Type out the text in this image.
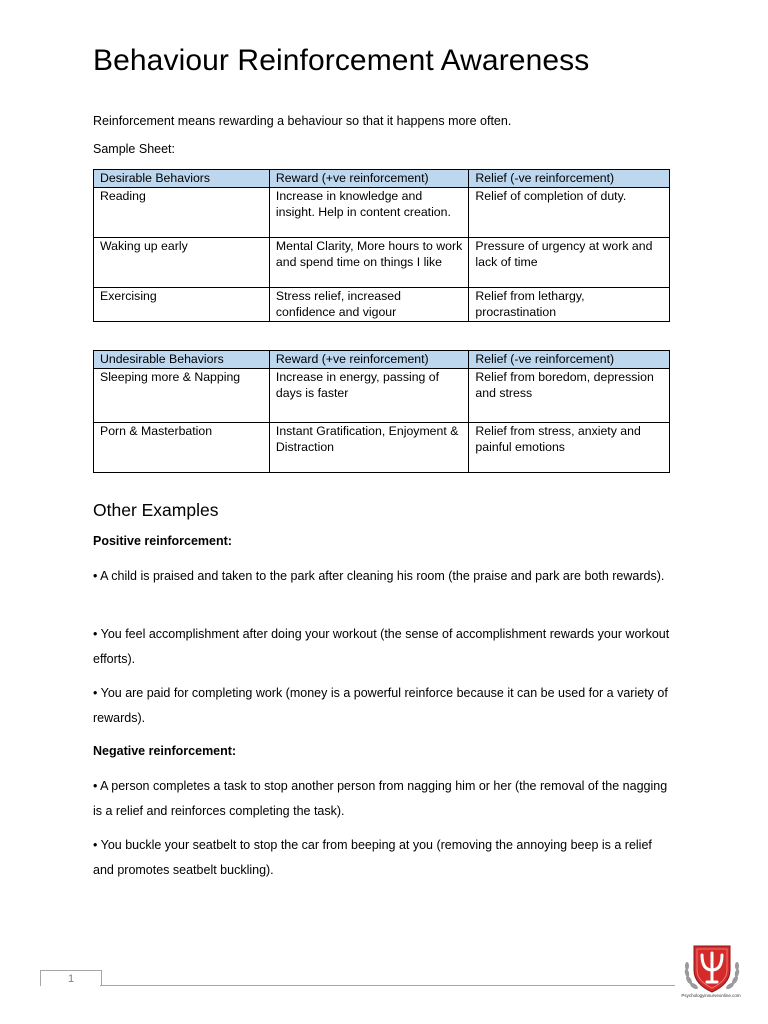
Behaviour Reinforcement Awareness

Reinforcement means rewarding a behaviour so that it happens more often.

Sample Sheet:

Desirable Behaviors	Reward (+ve reinforcement)	Relief (-ve reinforcement)
Reading	Increase in knowledge and insight. Help in content creation.	Relief of completion of duty.
Waking up early	Mental Clarity, More hours to work and spend time on things I like	Pressure of urgency at work and lack of time
Exercising	Stress relief, increased confidence and vigour	Relief from lethargy, procrastination
Undesirable Behaviors	Reward (+ve reinforcement)	Relief (-ve reinforcement)
Sleeping more & Napping	Increase in energy, passing of days is faster	Relief from boredom, depression and stress
Porn & Masterbation	Instant Gratification, Enjoyment & Distraction	Relief from stress, anxiety and painful emotions
Other Examples

Positive reinforcement:

• A child is praised and taken to the park after cleaning his room (the praise and park are both rewards).

• You feel accomplishment after doing your workout (the sense of accomplishment rewards your workout efforts).

• You are paid for completing work (money is a powerful reinforce because it can be used for a variety of rewards).

Negative reinforcement:

• A person completes a task to stop another person from nagging him or her (the removal of the nagging is a relief and reinforces completing the task).

• You buckle your seatbelt to stop the car from beeping at you (removing the annoying beep is a relief and promotes seatbelt buckling).

1
Psychologyinsurveonline.com
